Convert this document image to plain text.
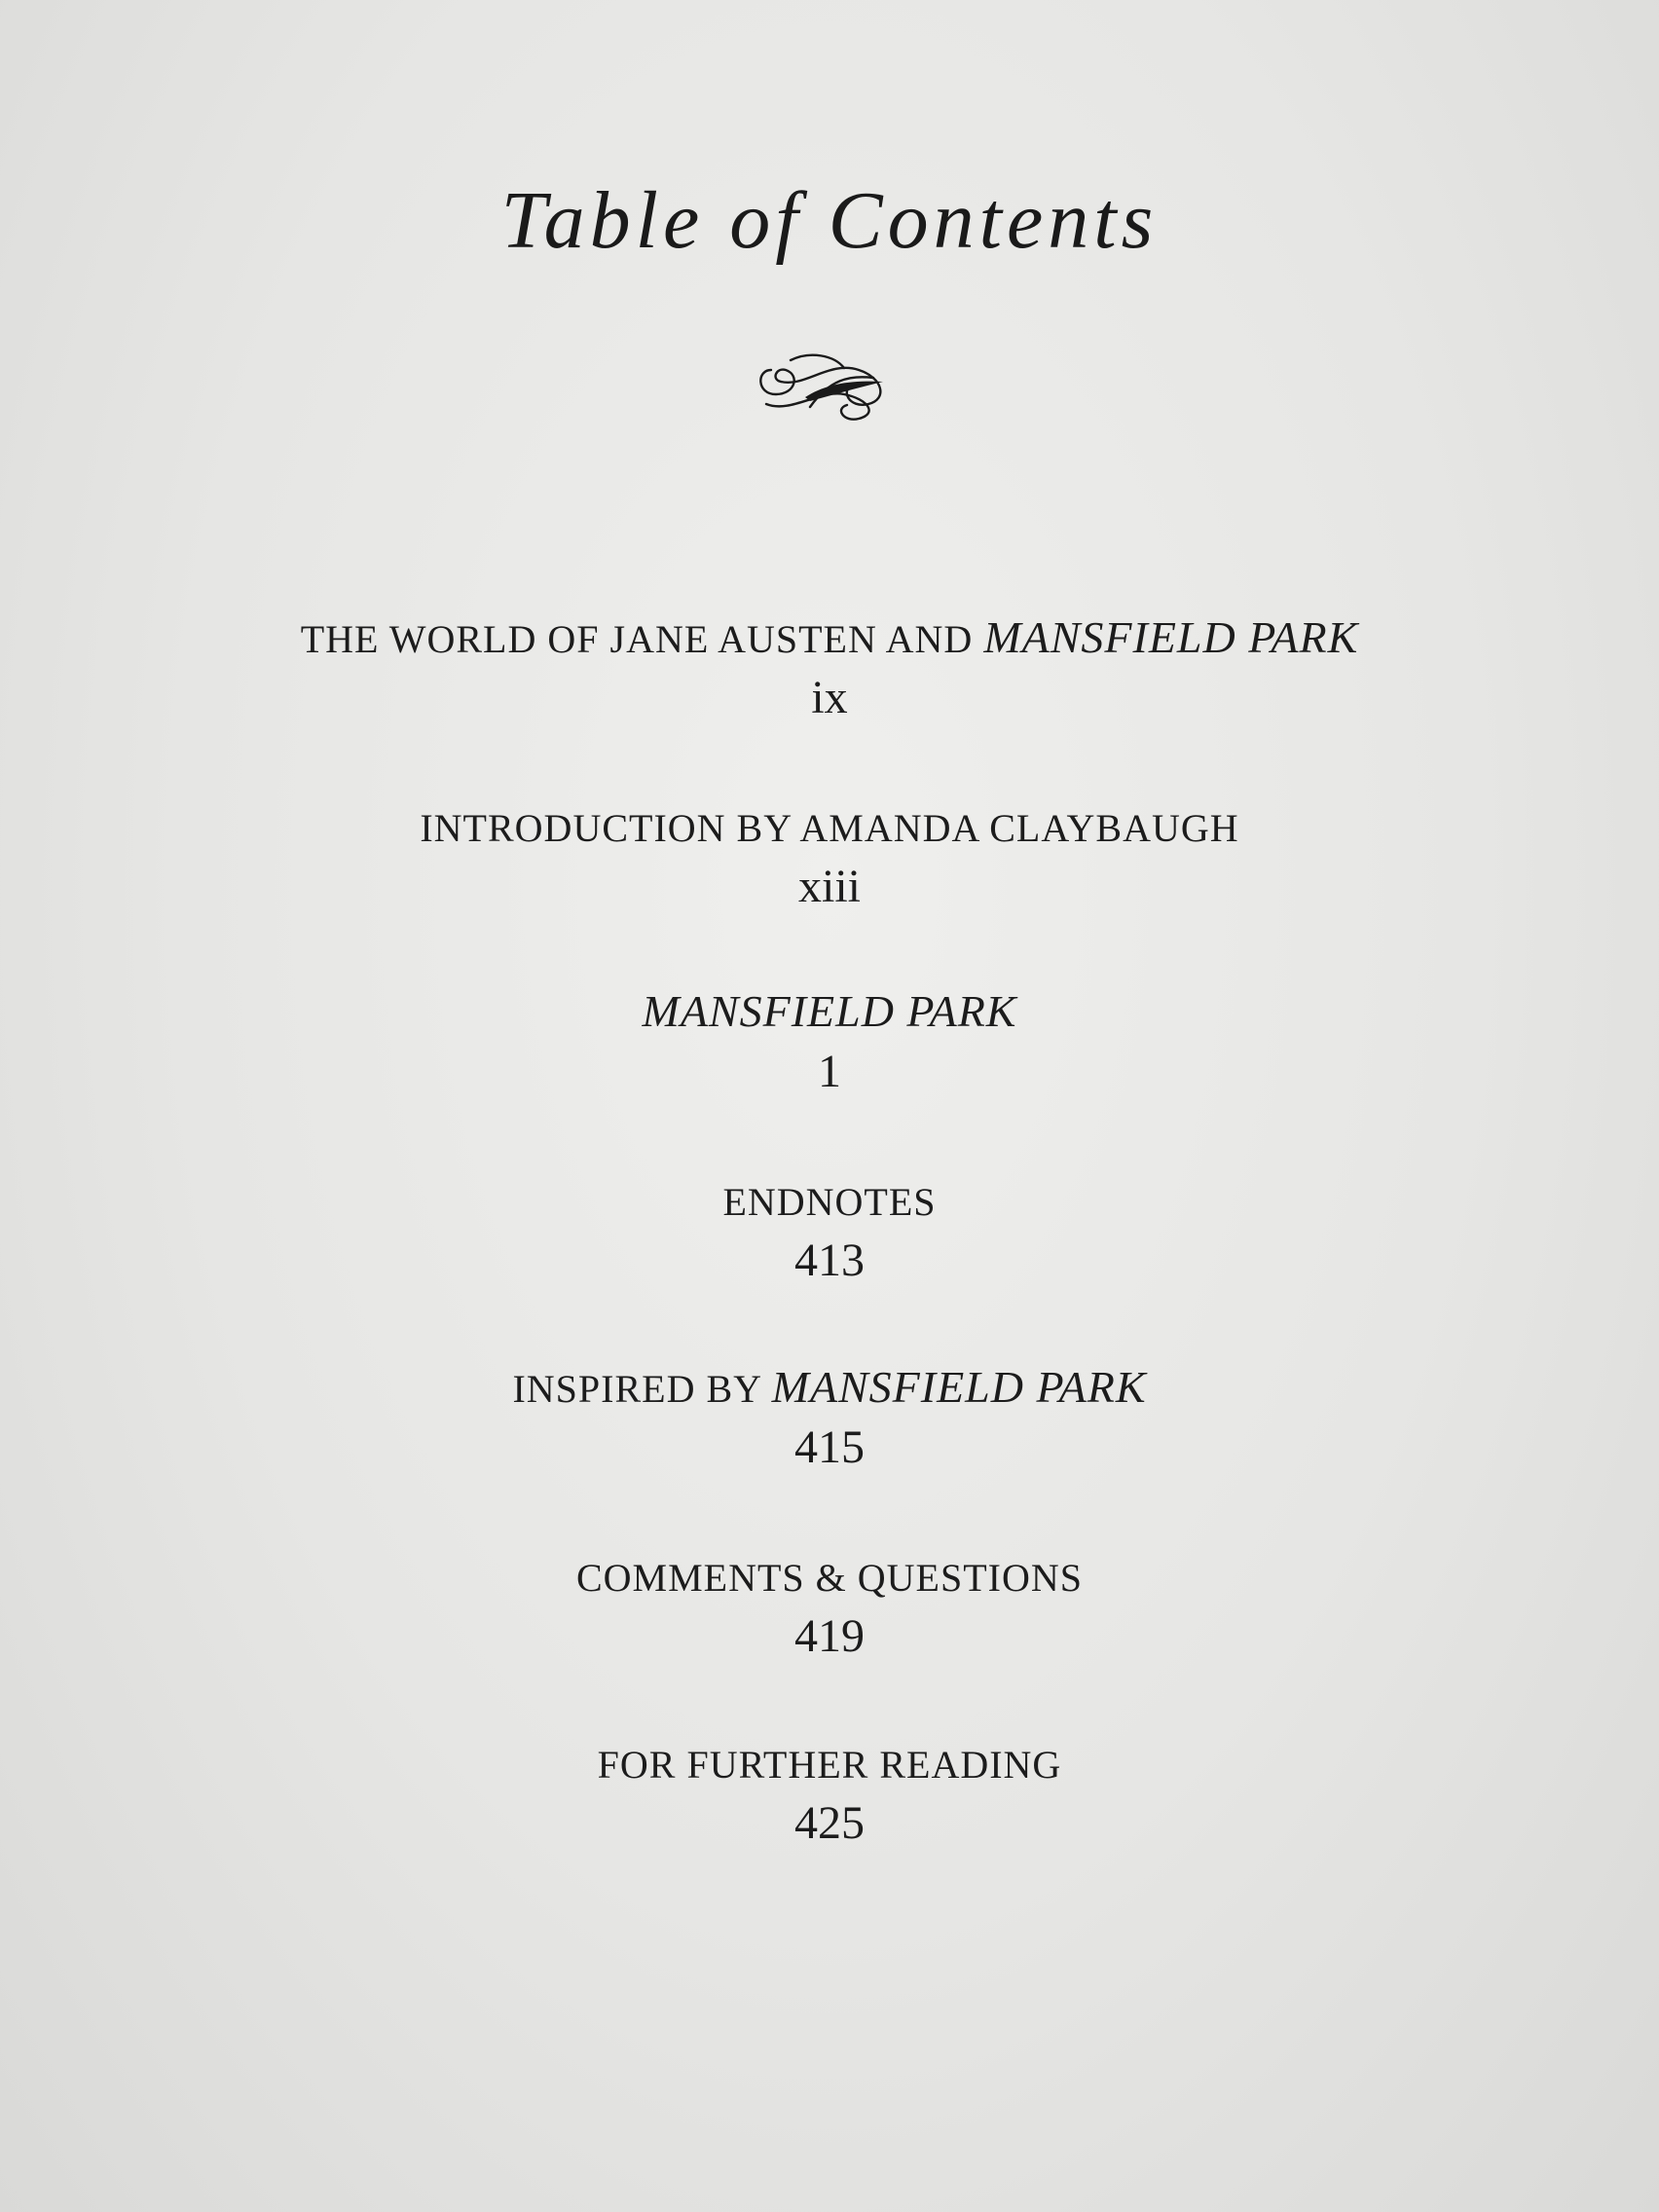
Table of Contents
THE WORLD OF JANE AUSTEN AND MANSFIELD PARK
ix
INTRODUCTION BY AMANDA CLAYBAUGH
xiii
MANSFIELD PARK
1
ENDNOTES
413
INSPIRED BY MANSFIELD PARK
415
COMMENTS & QUESTIONS
419
FOR FURTHER READING
425
